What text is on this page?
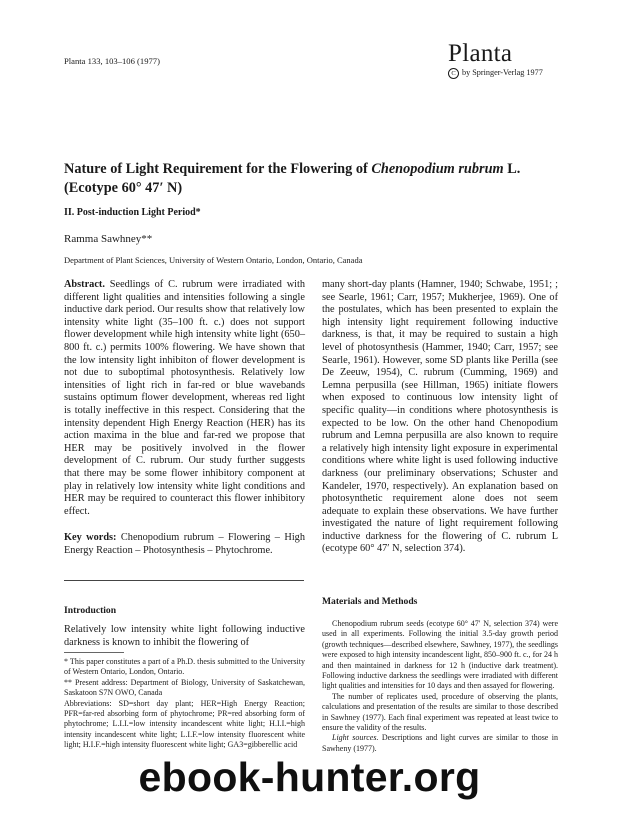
Planta 133, 103–106 (1977)	Planta
C by Springer-Verlag 1977
Nature of Light Requirement for the Flowering of Chenopodium rubrum L. (Ecotype 60° 47′ N)
II. Post-induction Light Period*
Ramma Sawhney**
Department of Plant Sciences, University of Western Ontario, London, Ontario, Canada
Abstract. Seedlings of C. rubrum were irradiated with different light qualities and intensities following a single inductive dark period. Our results show that relatively low intensity white light (35–100 ft. c.) does not support flower development while high intensity white light (650–800 ft. c.) permits 100% flowering. We have shown that the low intensity light inhibiton of flower development is not due to suboptimal photosynthesis. Relatively low intensities of light rich in far-red or blue wavebands sustains optimum flower development, whereas red light is totally ineffective in this respect. Considering that the intensity dependent High Energy Reaction (HER) has its action maxima in the blue and far-red we propose that HER may be positively involved in the flower development of C. rubrum. Our study further suggests that there may be some flower inhibitory component at play in relatively low intensity white light conditions and HER may be required to counteract this flower inhibitory effect.
Key words: Chenopodium rubrum – Flowering – High Energy Reaction – Photosynthesis – Phytochrome.
Introduction
Relatively low intensity white light following inductive darkness is known to inhibit the flowering of
* This paper constitutes a part of a Ph.D. thesis submitted to the University of Western Ontario, London, Ontario.
** Present address: Department of Biology, University of Saskatchewan, Saskatoon S7N OWO, Canada
Abbreviations: SD=short day plant; HER=High Energy Reaction; PFR=far-red absorbing form of phytochrome; PR=red absorbing form of phytochrome; L.I.I.=low intensity incandescent white light; H.I.I.=high intensity incandescent white light; L.I.F.=low intensity fluorescent white light; H.I.F.=high intensity fluorescent white light; GA3=gibberellic acid
many short-day plants (Hamner, 1940; Schwabe, 1951; ; see Searle, 1961; Carr, 1957; Mukherjee, 1969). One of the postulates, which has been presented to explain the high intensity light requirement following inductive darkness, is that, it may be required to sustain a high level of photosynthesis (Hammer, 1940; Carr, 1957; see Searle, 1961). However, some SD plants like Perilla (see De Zeeuw, 1954), C. rubrum (Cumming, 1969) and Lemna perpusilla (see Hillman, 1965) initiate flowers when exposed to continuous low intensity light of specific quality—in conditions where photosynthesis is expected to be low. On the other hand Chenopodium rubrum and Lemna perpusilla are also known to require a relatively high intensity light exposure in experimental conditions where white light is used following inductive darkness (our preliminary observations; Schuster and Kandeler, 1970, respectively). An explanation based on photosynthetic requirement alone does not seem adequate to explain these observations. We have further investigated the nature of light requirement following inductive darkness for the flowering of C. rubrum L (ecotype 60° 47′ N, selection 374).
Materials and Methods
Chenopodium rubrum seeds (ecotype 60° 47′ N, selection 374) were used in all experiments. Following the initial 3.5-day growth period (growth techniques—described elsewhere, Sawhney, 1977), the seedlings were exposed to high intensity incandescent light, 850–900 ft. c., for 24 h and then maintained in darkness for 12 h (inductive dark treatment). Following inductive darkness the seedlings were irradiated with different light qualities and intensities for 10 days and then assayed for flowering.
The number of replicates used, procedure of observing the plants, calculations and presentation of the results are similar to those described in Sawhney (1977). Each final experiment was repeated at least twice to ensure the validity of the results.
Light sources. Descriptions and light curves are similar to those in Sawheny (1977).
ebook-hunter.org
